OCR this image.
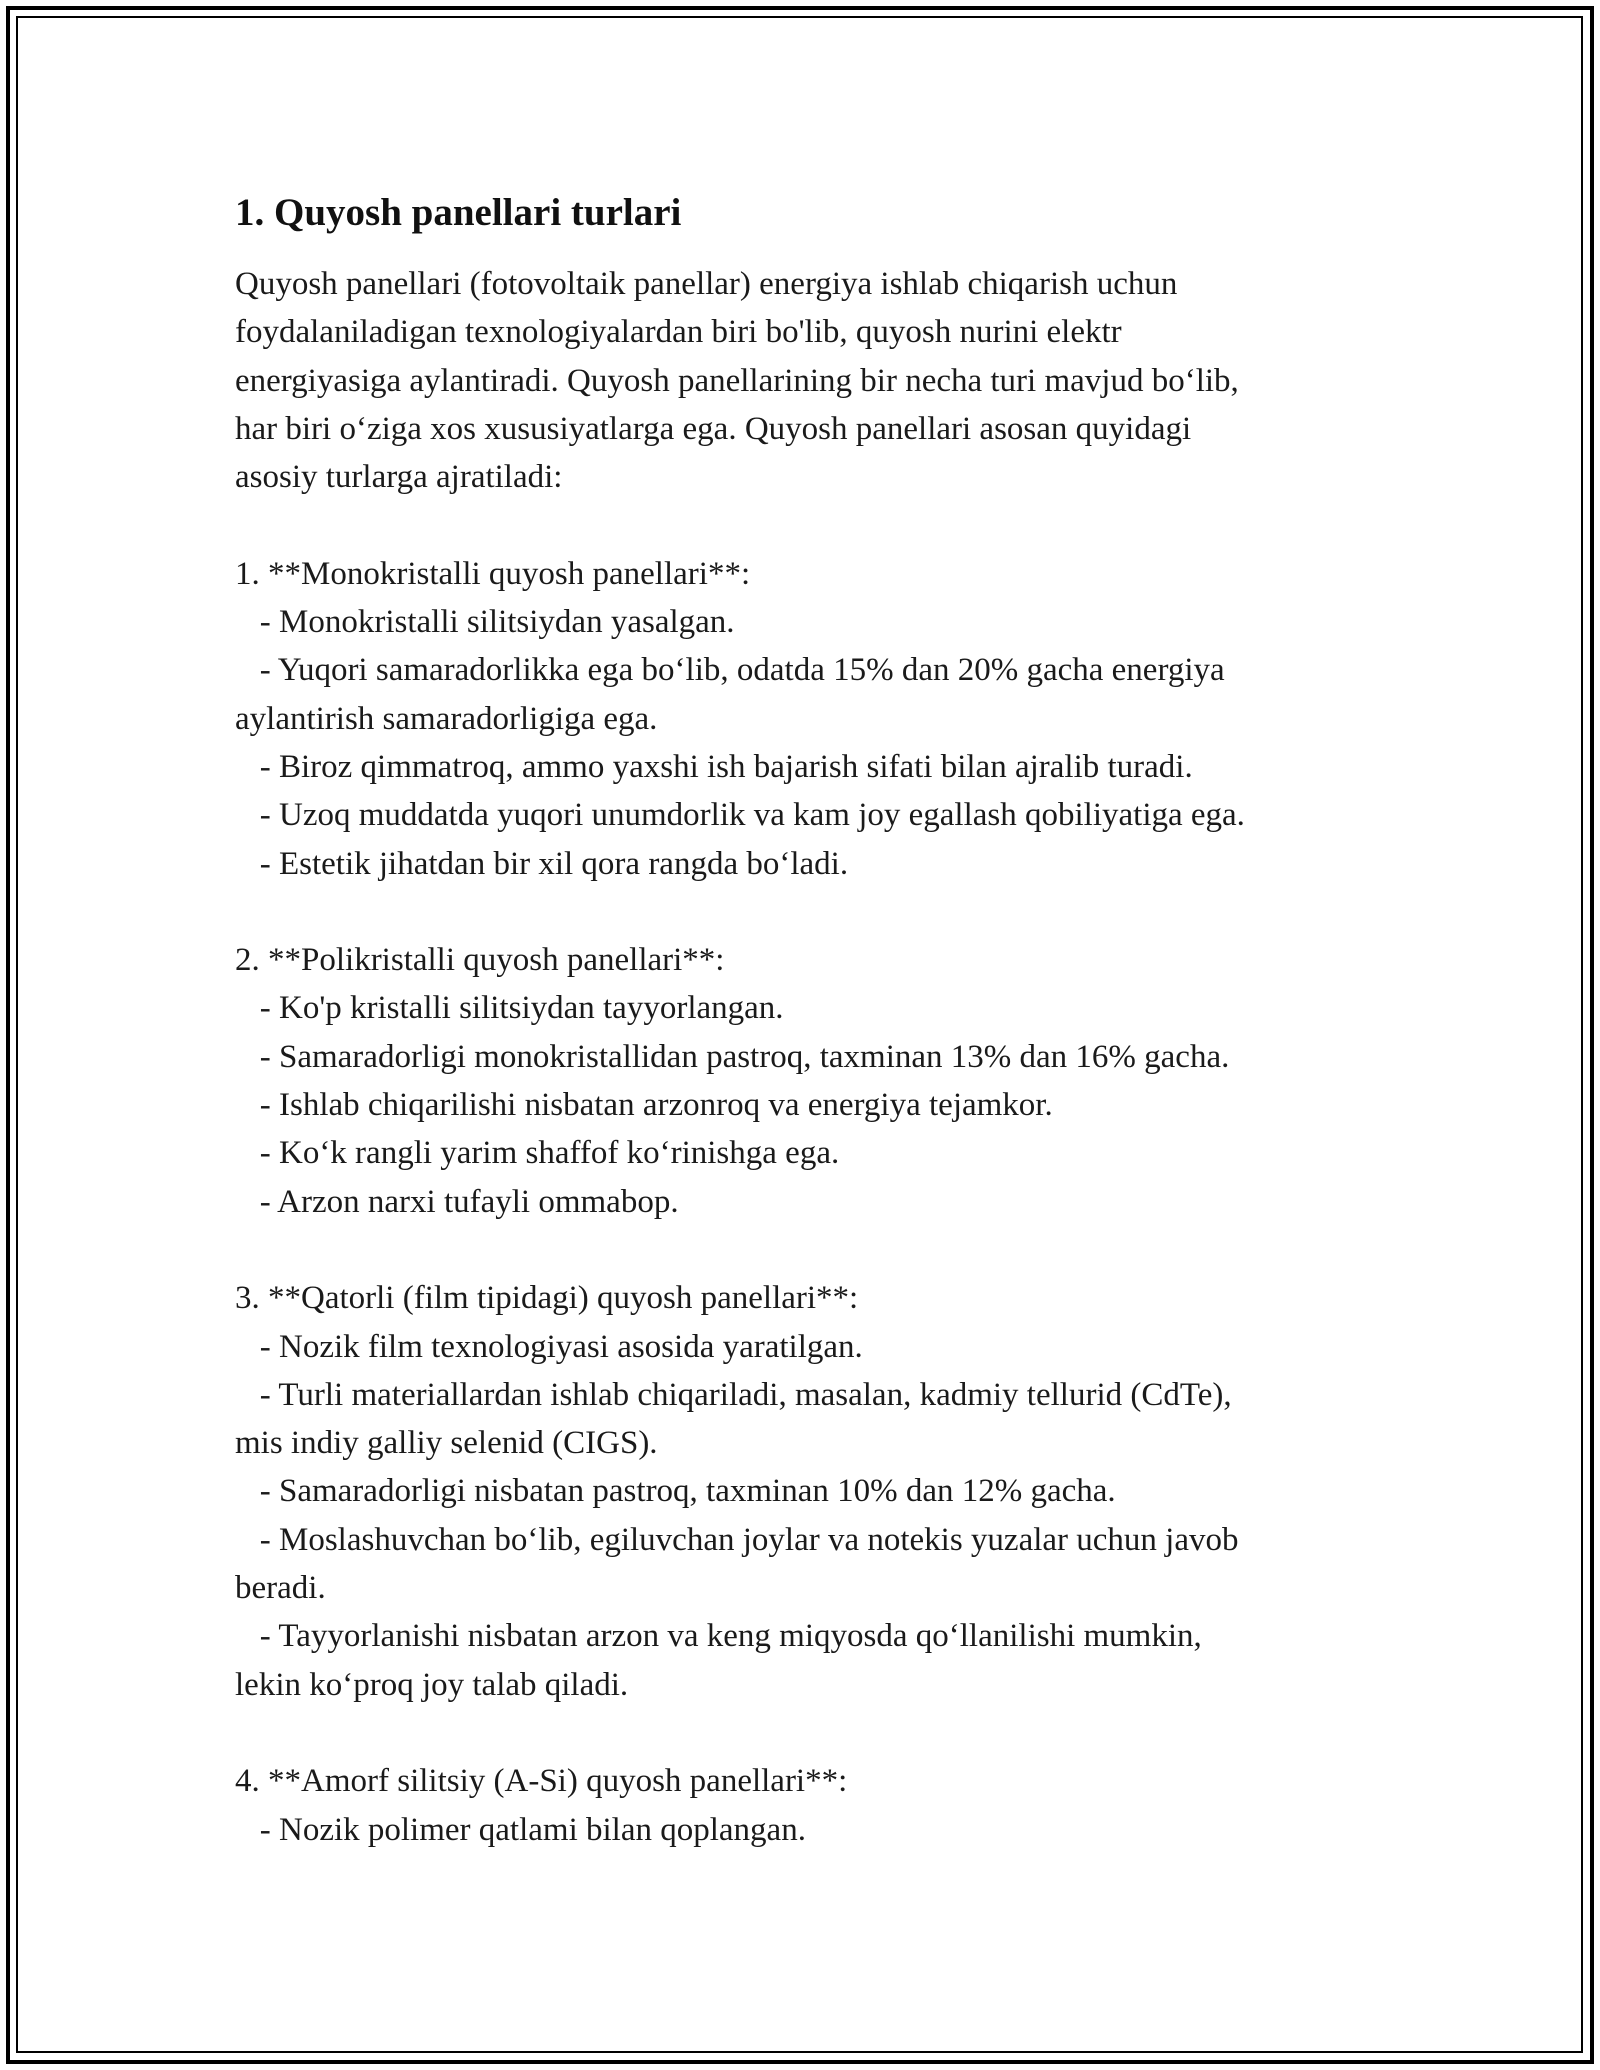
1. Quyosh panellari turlari
Quyosh panellari (fotovoltaik panellar) energiya ishlab chiqarish uchun
foydalaniladigan texnologiyalardan biri bo'lib, quyosh nurini elektr
energiyasiga aylantiradi. Quyosh panellarining bir necha turi mavjud bo‘lib,
har biri o‘ziga xos xususiyatlarga ega. Quyosh panellari asosan quyidagi
asosiy turlarga ajratiladi:
1. **Monokristalli quyosh panellari**:
- Monokristalli silitsiydan yasalgan.
- Yuqori samaradorlikka ega bo‘lib, odatda 15% dan 20% gacha energiya
aylantirish samaradorligiga ega.
- Biroz qimmatroq, ammo yaxshi ish bajarish sifati bilan ajralib turadi.
- Uzoq muddatda yuqori unumdorlik va kam joy egallash qobiliyatiga ega.
- Estetik jihatdan bir xil qora rangda bo‘ladi.
2. **Polikristalli quyosh panellari**:
- Ko'p kristalli silitsiydan tayyorlangan.
- Samaradorligi monokristallidan pastroq, taxminan 13% dan 16% gacha.
- Ishlab chiqarilishi nisbatan arzonroq va energiya tejamkor.
- Ko‘k rangli yarim shaffof ko‘rinishga ega.
- Arzon narxi tufayli ommabop.
3. **Qatorli (film tipidagi) quyosh panellari**:
- Nozik film texnologiyasi asosida yaratilgan.
- Turli materiallardan ishlab chiqariladi, masalan, kadmiy tellurid (CdTe),
mis indiy galliy selenid (CIGS).
- Samaradorligi nisbatan pastroq, taxminan 10% dan 12% gacha.
- Moslashuvchan bo‘lib, egiluvchan joylar va notekis yuzalar uchun javob
beradi.
- Tayyorlanishi nisbatan arzon va keng miqyosda qo‘llanilishi mumkin,
lekin ko‘proq joy talab qiladi.
4. **Amorf silitsiy (A-Si) quyosh panellari**:
- Nozik polimer qatlami bilan qoplangan.
